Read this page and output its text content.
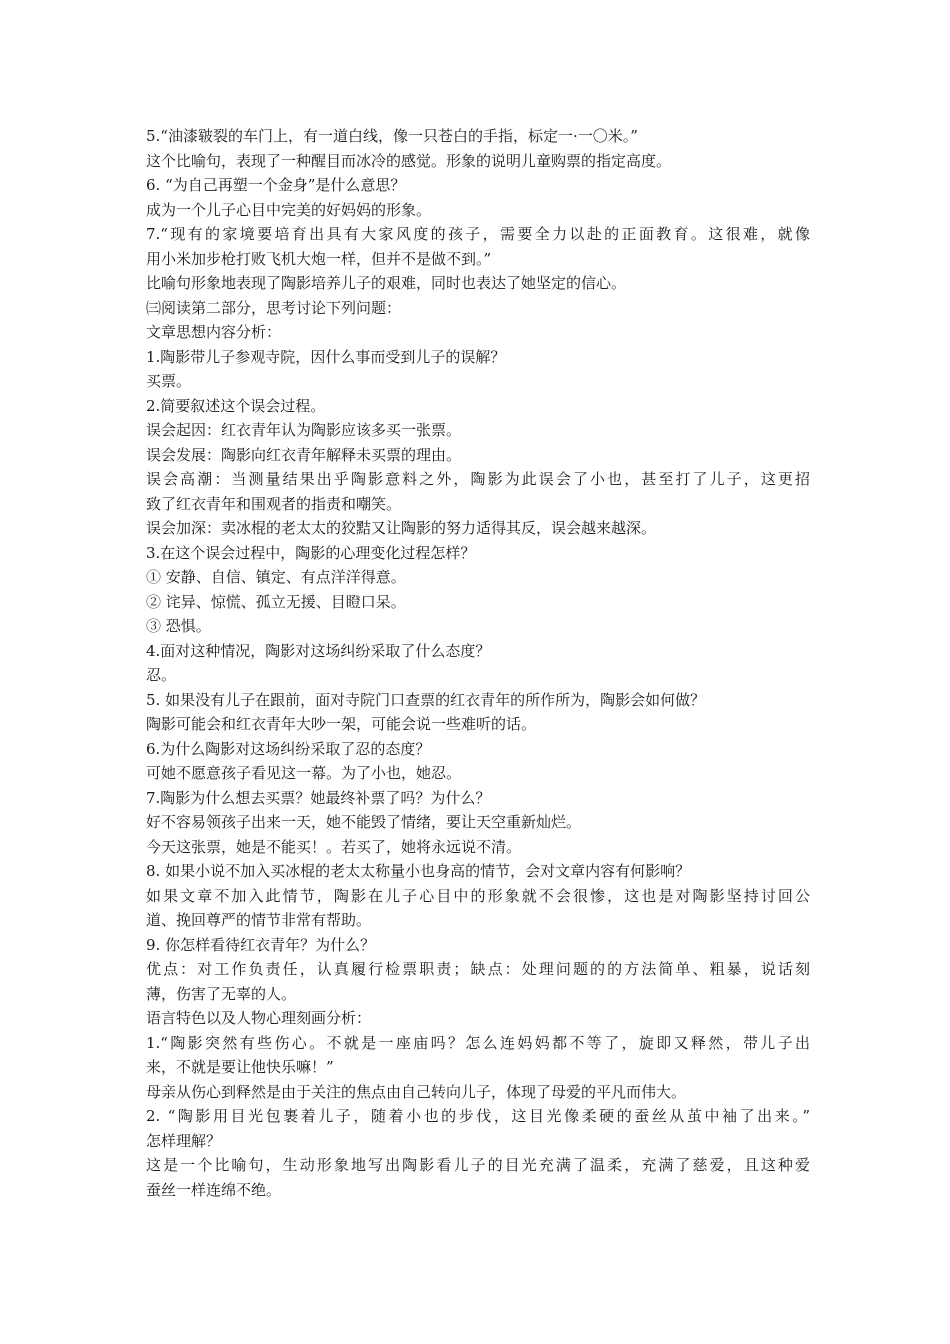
5.“油漆皲裂的车门上，有一道白线，像一只苍白的手指，标定一·一〇米。”
这个比喻句，表现了一种醒目而冰冷的感觉。形象的说明儿童购票的指定高度。
6. “为自己再塑一个金身”是什么意思？
成为一个儿子心目中完美的好妈妈的形象。
7.“现有的家境要培育出具有大家风度的孩子，需要全力以赴的正面教育。这很难，就像
用小米加步枪打败飞机大炮一样，但并不是做不到。”
比喻句形象地表现了陶影培养儿子的艰难，同时也表达了她坚定的信心。
㈢阅读第二部分，思考讨论下列问题：
文章思想内容分析：
1.陶影带儿子参观寺院，因什么事而受到儿子的误解？
买票。
2.简要叙述这个误会过程。
误会起因：红衣青年认为陶影应该多买一张票。
误会发展：陶影向红衣青年解释未买票的理由。
误会高潮：当测量结果出乎陶影意料之外，陶影为此误会了小也，甚至打了儿子，这更招
致了红衣青年和围观者的指责和嘲笑。
误会加深：卖冰棍的老太太的狡黠又让陶影的努力适得其反，误会越来越深。
3.在这个误会过程中，陶影的心理变化过程怎样？
① 安静、自信、镇定、有点洋洋得意。
② 诧异、惊慌、孤立无援、目瞪口呆。
③ 恐惧。
4.面对这种情况，陶影对这场纠纷采取了什么态度？
忍。
5. 如果没有儿子在跟前，面对寺院门口查票的红衣青年的所作所为，陶影会如何做？
陶影可能会和红衣青年大吵一架，可能会说一些难听的话。
6.为什么陶影对这场纠纷采取了忍的态度？
可她不愿意孩子看见这一幕。为了小也，她忍。
7.陶影为什么想去买票？她最终补票了吗？为什么？
好不容易领孩子出来一天，她不能毁了情绪，要让天空重新灿烂。
今天这张票，她是不能买！。若买了，她将永远说不清。
8. 如果小说不加入买冰棍的老太太称量小也身高的情节，会对文章内容有何影响？
如果文章不加入此情节，陶影在儿子心目中的形象就不会很惨，这也是对陶影坚持讨回公
道、挽回尊严的情节非常有帮助。
9. 你怎样看待红衣青年？为什么？
优点：对工作负责任，认真履行检票职责；缺点：处理问题的的方法简单、粗暴，说话刻
薄，伤害了无辜的人。
语言特色以及人物心理刻画分析：
1.“陶影突然有些伤心。不就是一座庙吗？怎么连妈妈都不等了，旋即又释然，带儿子出
来，不就是要让他快乐嘛！”
母亲从伤心到释然是由于关注的焦点由自己转向儿子，体现了母爱的平凡而伟大。
2. “陶影用目光包裹着儿子，随着小也的步伐，这目光像柔硬的蚕丝从茧中袖了出来。”
怎样理解？
这是一个比喻句，生动形象地写出陶影看儿子的目光充满了温柔，充满了慈爱，且这种爱
蚕丝一样连绵不绝。
